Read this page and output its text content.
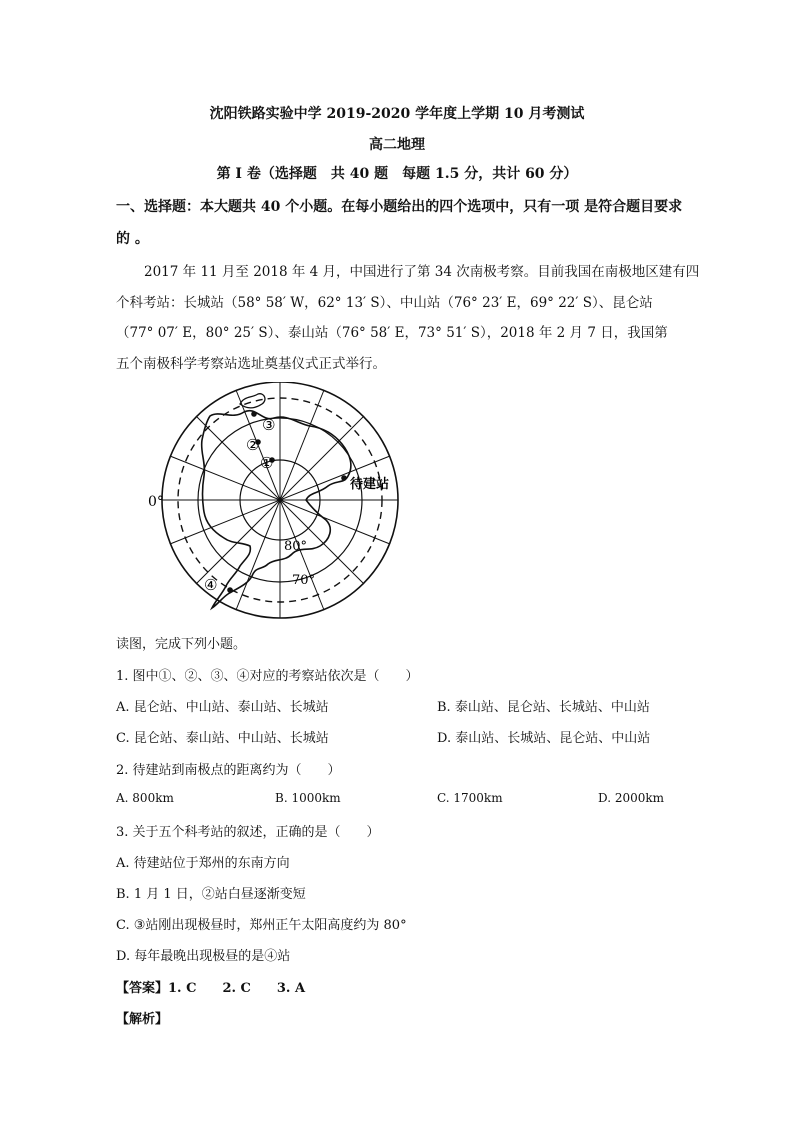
沈阳铁路实验中学 2019-2020 学年度上学期 10 月考测试
高二地理
第 I 卷（选择题　共 40 题　每题 1.5 分，共计 60 分）
一、选择题：本大题共 40 个小题。在每小题给出的四个选项中，只有一项 是符合题目要求
的 。
2017 年 11 月至 2018 年 4 月，中国进行了第 34 次南极考察。目前我国在南极地区建有四
个科考站：长城站（58° 58′ W，62° 13′ S）、中山站（76° 23′ E，69° 22′ S）、昆仑站
（77° 07′ E，80° 25′ S）、泰山站（76° 58′ E，73° 51′ S），2018 年 2 月 7 日，我国第
五个南极科学考察站选址奠基仪式正式举行。
③
②
①
④
待建站
0°
80°
70°
读图，完成下列小题。
1. 图中①、②、③、④对应的考察站依次是（　　）
A. 昆仑站、中山站、泰山站、长城站	B. 泰山站、昆仑站、长城站、中山站
C. 昆仑站、泰山站、中山站、长城站	D. 泰山站、长城站、昆仑站、中山站
2. 待建站到南极点的距离约为（　　）
A. 800km	B. 1000km	C. 1700km	D. 2000km
3. 关于五个科考站的叙述，正确的是（　　）
A. 待建站位于郑州的东南方向
B. 1 月 1 日，②站白昼逐渐变短
C. ③站刚出现极昼时，郑州正午太阳高度约为 80°
D. 每年最晚出现极昼的是④站
【答案】1. C　　2. C　　3. A
【解析】
